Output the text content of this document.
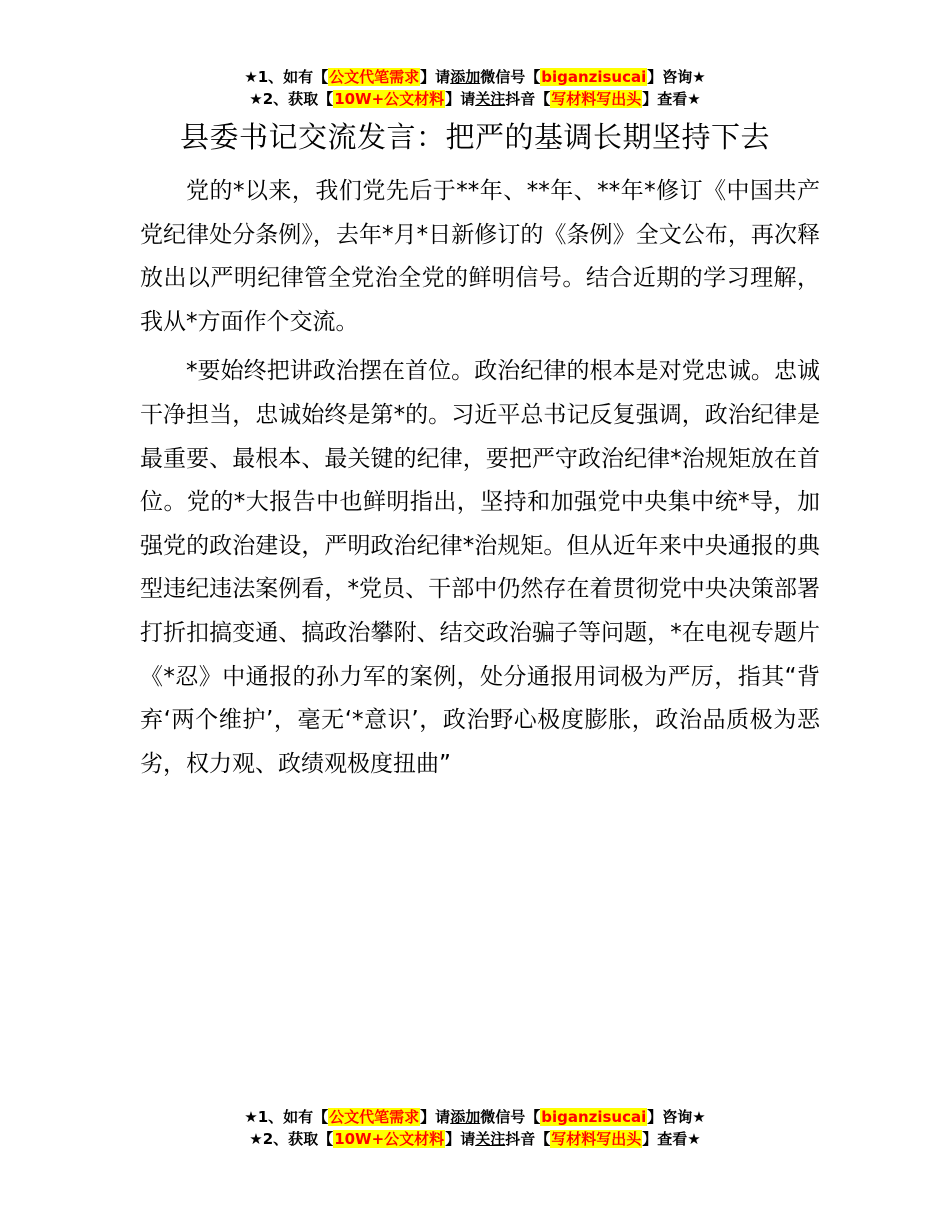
★1、如有【公文代笔需求】请添加微信号【biganzisucai】咨询★
★2、获取【10W+公文材料】请关注抖音【写材料写出头】查看★
县委书记交流发言：把严的基调长期坚持下去

党的*以来，我们党先后于**年、**年、**年*修订《中国共产党纪律处分条例》，去年*月*日新修订的《条例》全文公布，再次释放出以严明纪律管全党治全党的鲜明信号。结合近期的学习理解，我从*方面作个交流。

*要始终把讲政治摆在首位。政治纪律的根本是对党忠诚。忠诚干净担当，忠诚始终是第*的。习近平总书记反复强调，政治纪律是最重要、最根本、最关键的纪律，要把严守政治纪律*治规矩放在首位。党的*大报告中也鲜明指出，坚持和加强党中央集中统*导，加强党的政治建设，严明政治纪律*治规矩。但从近年来中央通报的典型违纪违法案例看，*党员、干部中仍然存在着贯彻党中央决策部署打折扣搞变通、搞政治攀附、结交政治骗子等问题，*在电视专题片《*忍》中通报的孙力军的案例，处分通报用词极为严厉，指其“背弃‘两个维护’，毫无‘*意识’，政治野心极度膨胀，政治品质极为恶劣，权力观、政绩观极度扭曲”

★1、如有【公文代笔需求】请添加微信号【biganzisucai】咨询★
★2、获取【10W+公文材料】请关注抖音【写材料写出头】查看★
